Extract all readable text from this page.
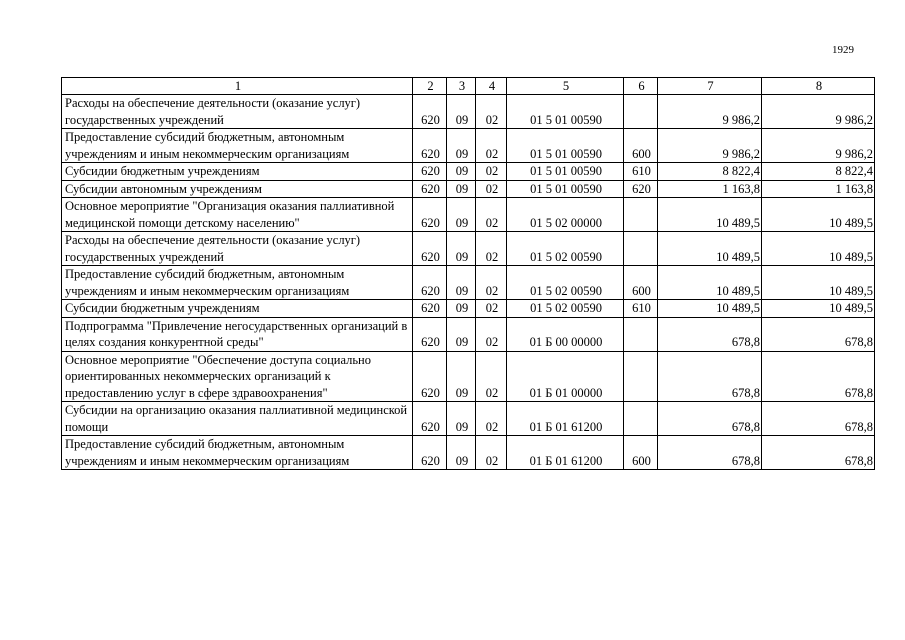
1929
1	2	3	4	5	6	7	8
Расходы на обеспечение деятельности (оказание услуг) государственных учреждений	620	09	02	01 5 01 00590		9 986,2	9 986,2
Предоставление субсидий бюджетным, автономным учреждениям и иным некоммерческим организациям	620	09	02	01 5 01 00590	600	9 986,2	9 986,2
Субсидии бюджетным учреждениям	620	09	02	01 5 01 00590	610	8 822,4	8 822,4
Субсидии автономным учреждениям	620	09	02	01 5 01 00590	620	1 163,8	1 163,8
Основное мероприятие "Организация оказания паллиативной медицинской помощи детскому населению"	620	09	02	01 5 02 00000		10 489,5	10 489,5
Расходы на обеспечение деятельности (оказание услуг) государственных учреждений	620	09	02	01 5 02 00590		10 489,5	10 489,5
Предоставление субсидий бюджетным, автономным учреждениям и иным некоммерческим организациям	620	09	02	01 5 02 00590	600	10 489,5	10 489,5
Субсидии бюджетным учреждениям	620	09	02	01 5 02 00590	610	10 489,5	10 489,5
Подпрограмма "Привлечение негосударственных организаций в целях создания конкурентной среды"	620	09	02	01 Б 00 00000		678,8	678,8
Основное мероприятие "Обеспечение доступа социально ориентированных некоммерческих организаций к предоставлению услуг в сфере здравоохранения"	620	09	02	01 Б 01 00000		678,8	678,8
Субсидии на организацию оказания паллиативной медицинской помощи	620	09	02	01 Б 01 61200		678,8	678,8
Предоставление субсидий бюджетным, автономным учреждениям и иным некоммерческим организациям	620	09	02	01 Б 01 61200	600	678,8	678,8
